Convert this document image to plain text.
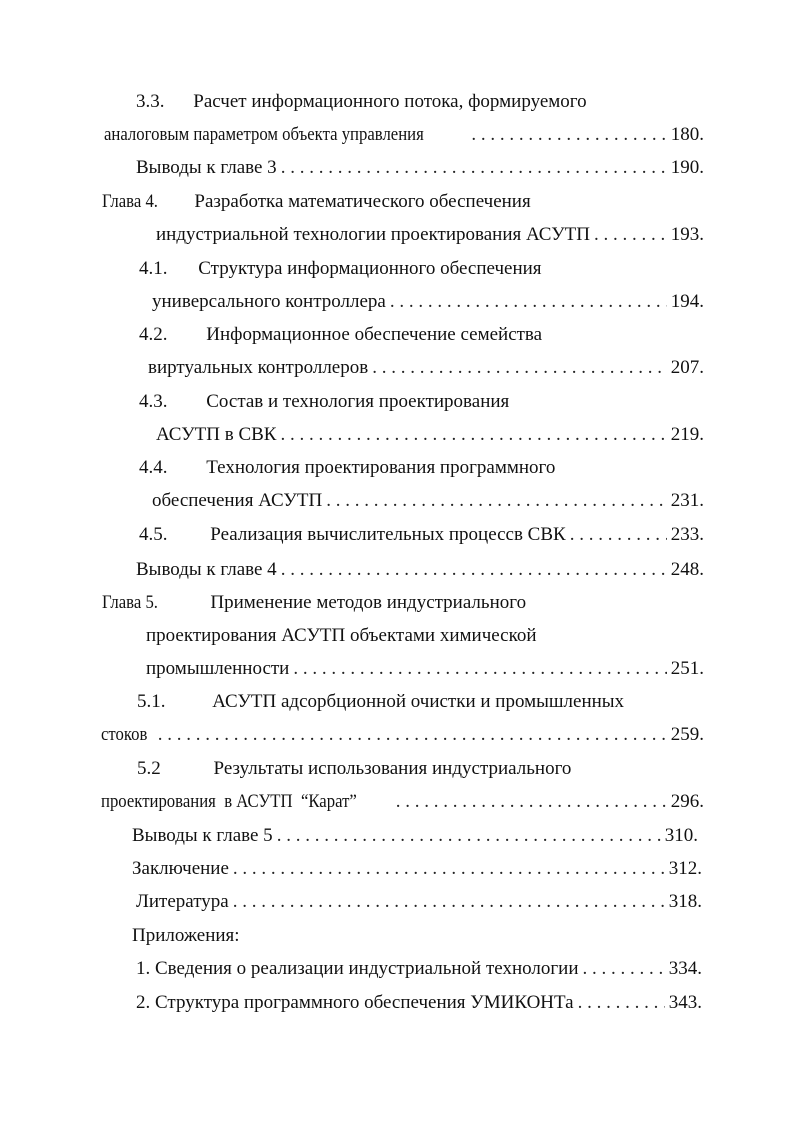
3.3. Расчет информационного потока, формируемого
аналоговым параметром объекта управления . . .	180.
Выводы к главе 3 . . .	190.
Глава 4. Разработка математического обеспечения
индустриальной технологии проектирования АСУТП . . .	193.
4.1. Структура информационного обеспечения
универсального контроллера . . .	194.
4.2. Информационное обеспечение семейства
виртуальных контроллеров . . .	207.
4.3. Состав и технология проектирования
АСУТП в СВК . . .	219.
4.4. Технология проектирования программного
обеспечения АСУТП . . .	231.
4.5. Реализация вычислительных процессв СВК . . .	233.
Выводы к главе 4 . . .	248.
Глава 5.	Применение методов индустриального
проектирования АСУТП объектами химической
промышленности . . .	251.
5.1. АСУТП адсорбционной очистки и промышленных
стоков . . .	259.
5.2	Результаты использования индустриального
проектирования  в АСУТП  “Карат” . . .	296.
Выводы к главе 5 . . .	310.
Заключение . . .	312.
Литература . . .	318.
Приложения:
1. Сведения о реализации индустриальной технологии . . .	334.
2. Структура программного обеспечения УМИКОНТа . . .	343.
